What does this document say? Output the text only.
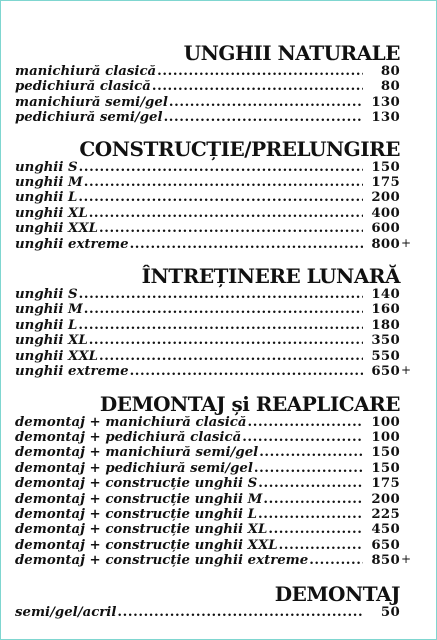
UNGHII NATURALE
manichiură clasică .....	80
pedichiură clasică .....	80
manichiură semi/gel .....	130
pedichiură semi/gel .....	130
CONSTRUCȚIE/PRELUNGIRE
unghii S .....	150
unghii M .....	175
unghii L .....	200
unghii XL .....	400
unghii XXL .....	600
unghii extreme .....	800 +
ÎNTREȚINERE LUNARĂ
unghii S .....	140
unghii M .....	160
unghii L .....	180
unghii XL .....	350
unghii XXL .....	550
unghii extreme .....	650 +
DEMONTAJ și REAPLICARE
demontaj + manichiură clasică .....	100
demontaj + pedichiură clasică .....	100
demontaj + manichiură semi/gel .....	150
demontaj + pedichiură semi/gel .....	150
demontaj + construcție unghii S .....	175
demontaj + construcție unghii M .....	200
demontaj + construcție unghii L .....	225
demontaj + construcție unghii XL .....	450
demontaj + construcție unghii XXL .....	650
demontaj + construcție unghii extreme .....	850 +
DEMONTAJ
semi/gel/acril .....	50
